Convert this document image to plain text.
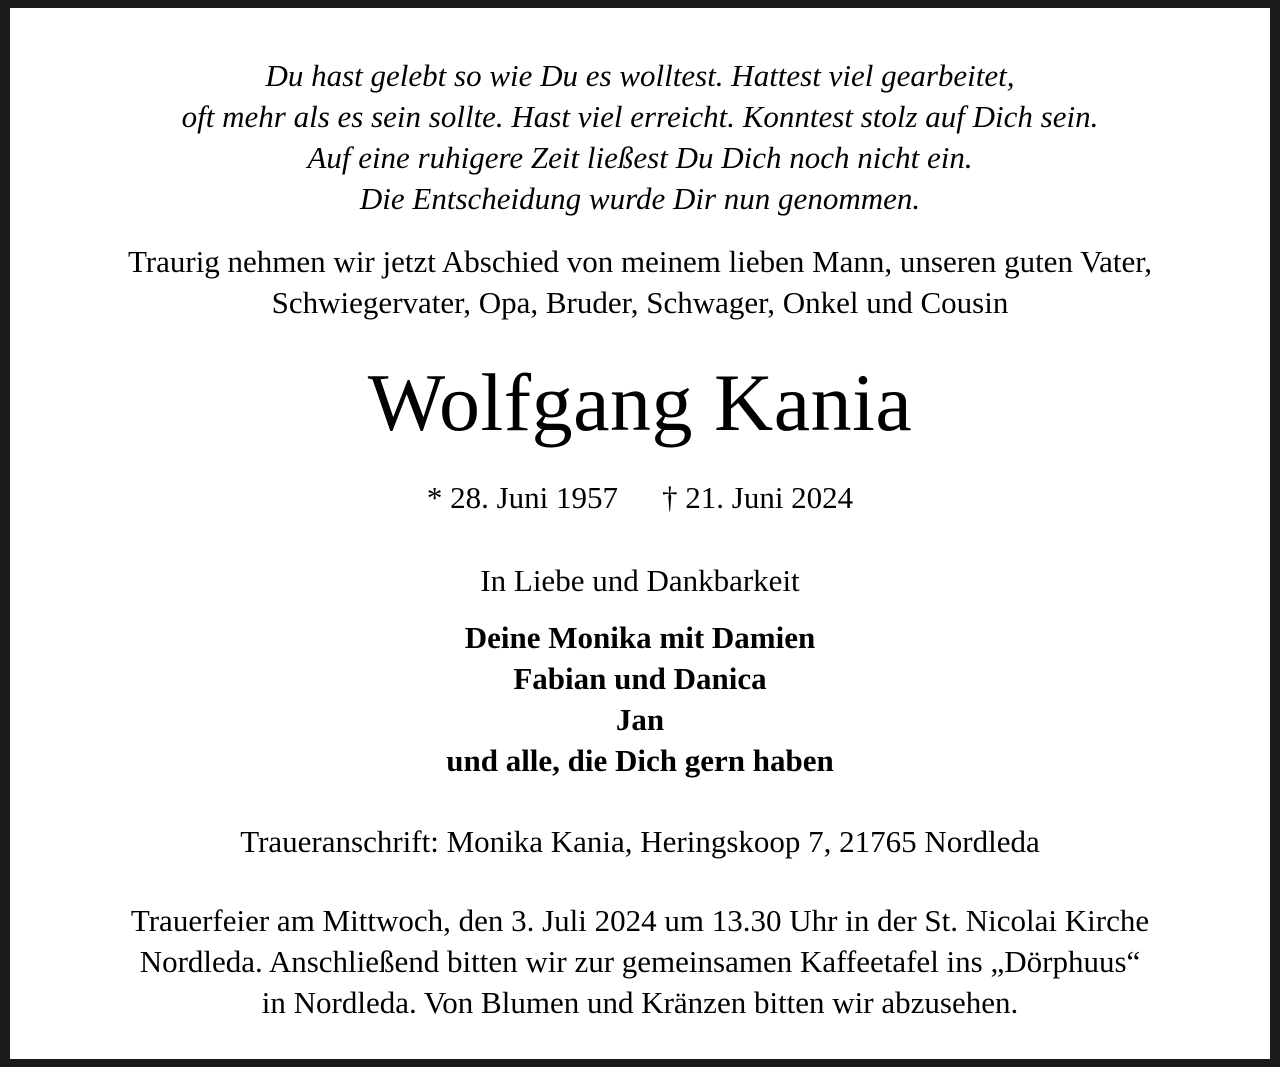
Du hast gelebt so wie Du es wolltest. Hattest viel gearbeitet,
oft mehr als es sein sollte. Hast viel erreicht. Konntest stolz auf Dich sein.
Auf eine ruhigere Zeit ließest Du Dich noch nicht ein.
Die Entscheidung wurde Dir nun genommen.
Traurig nehmen wir jetzt Abschied von meinem lieben Mann, unseren guten Vater,
Schwiegervater, Opa, Bruder, Schwager, Onkel und Cousin
Wolfgang Kania
* 28. Juni 1957 † 21. Juni 2024
In Liebe und Dankbarkeit
Deine Monika mit Damien
Fabian und Danica
Jan
und alle, die Dich gern haben
Traueranschrift: Monika Kania, Heringskoop 7, 21765 Nordleda
Trauerfeier am Mittwoch, den 3. Juli 2024 um 13.30 Uhr in der St. Nicolai Kirche
Nordleda. Anschließend bitten wir zur gemeinsamen Kaffeetafel ins „Dörphuus“
in Nordleda. Von Blumen und Kränzen bitten wir abzusehen.
